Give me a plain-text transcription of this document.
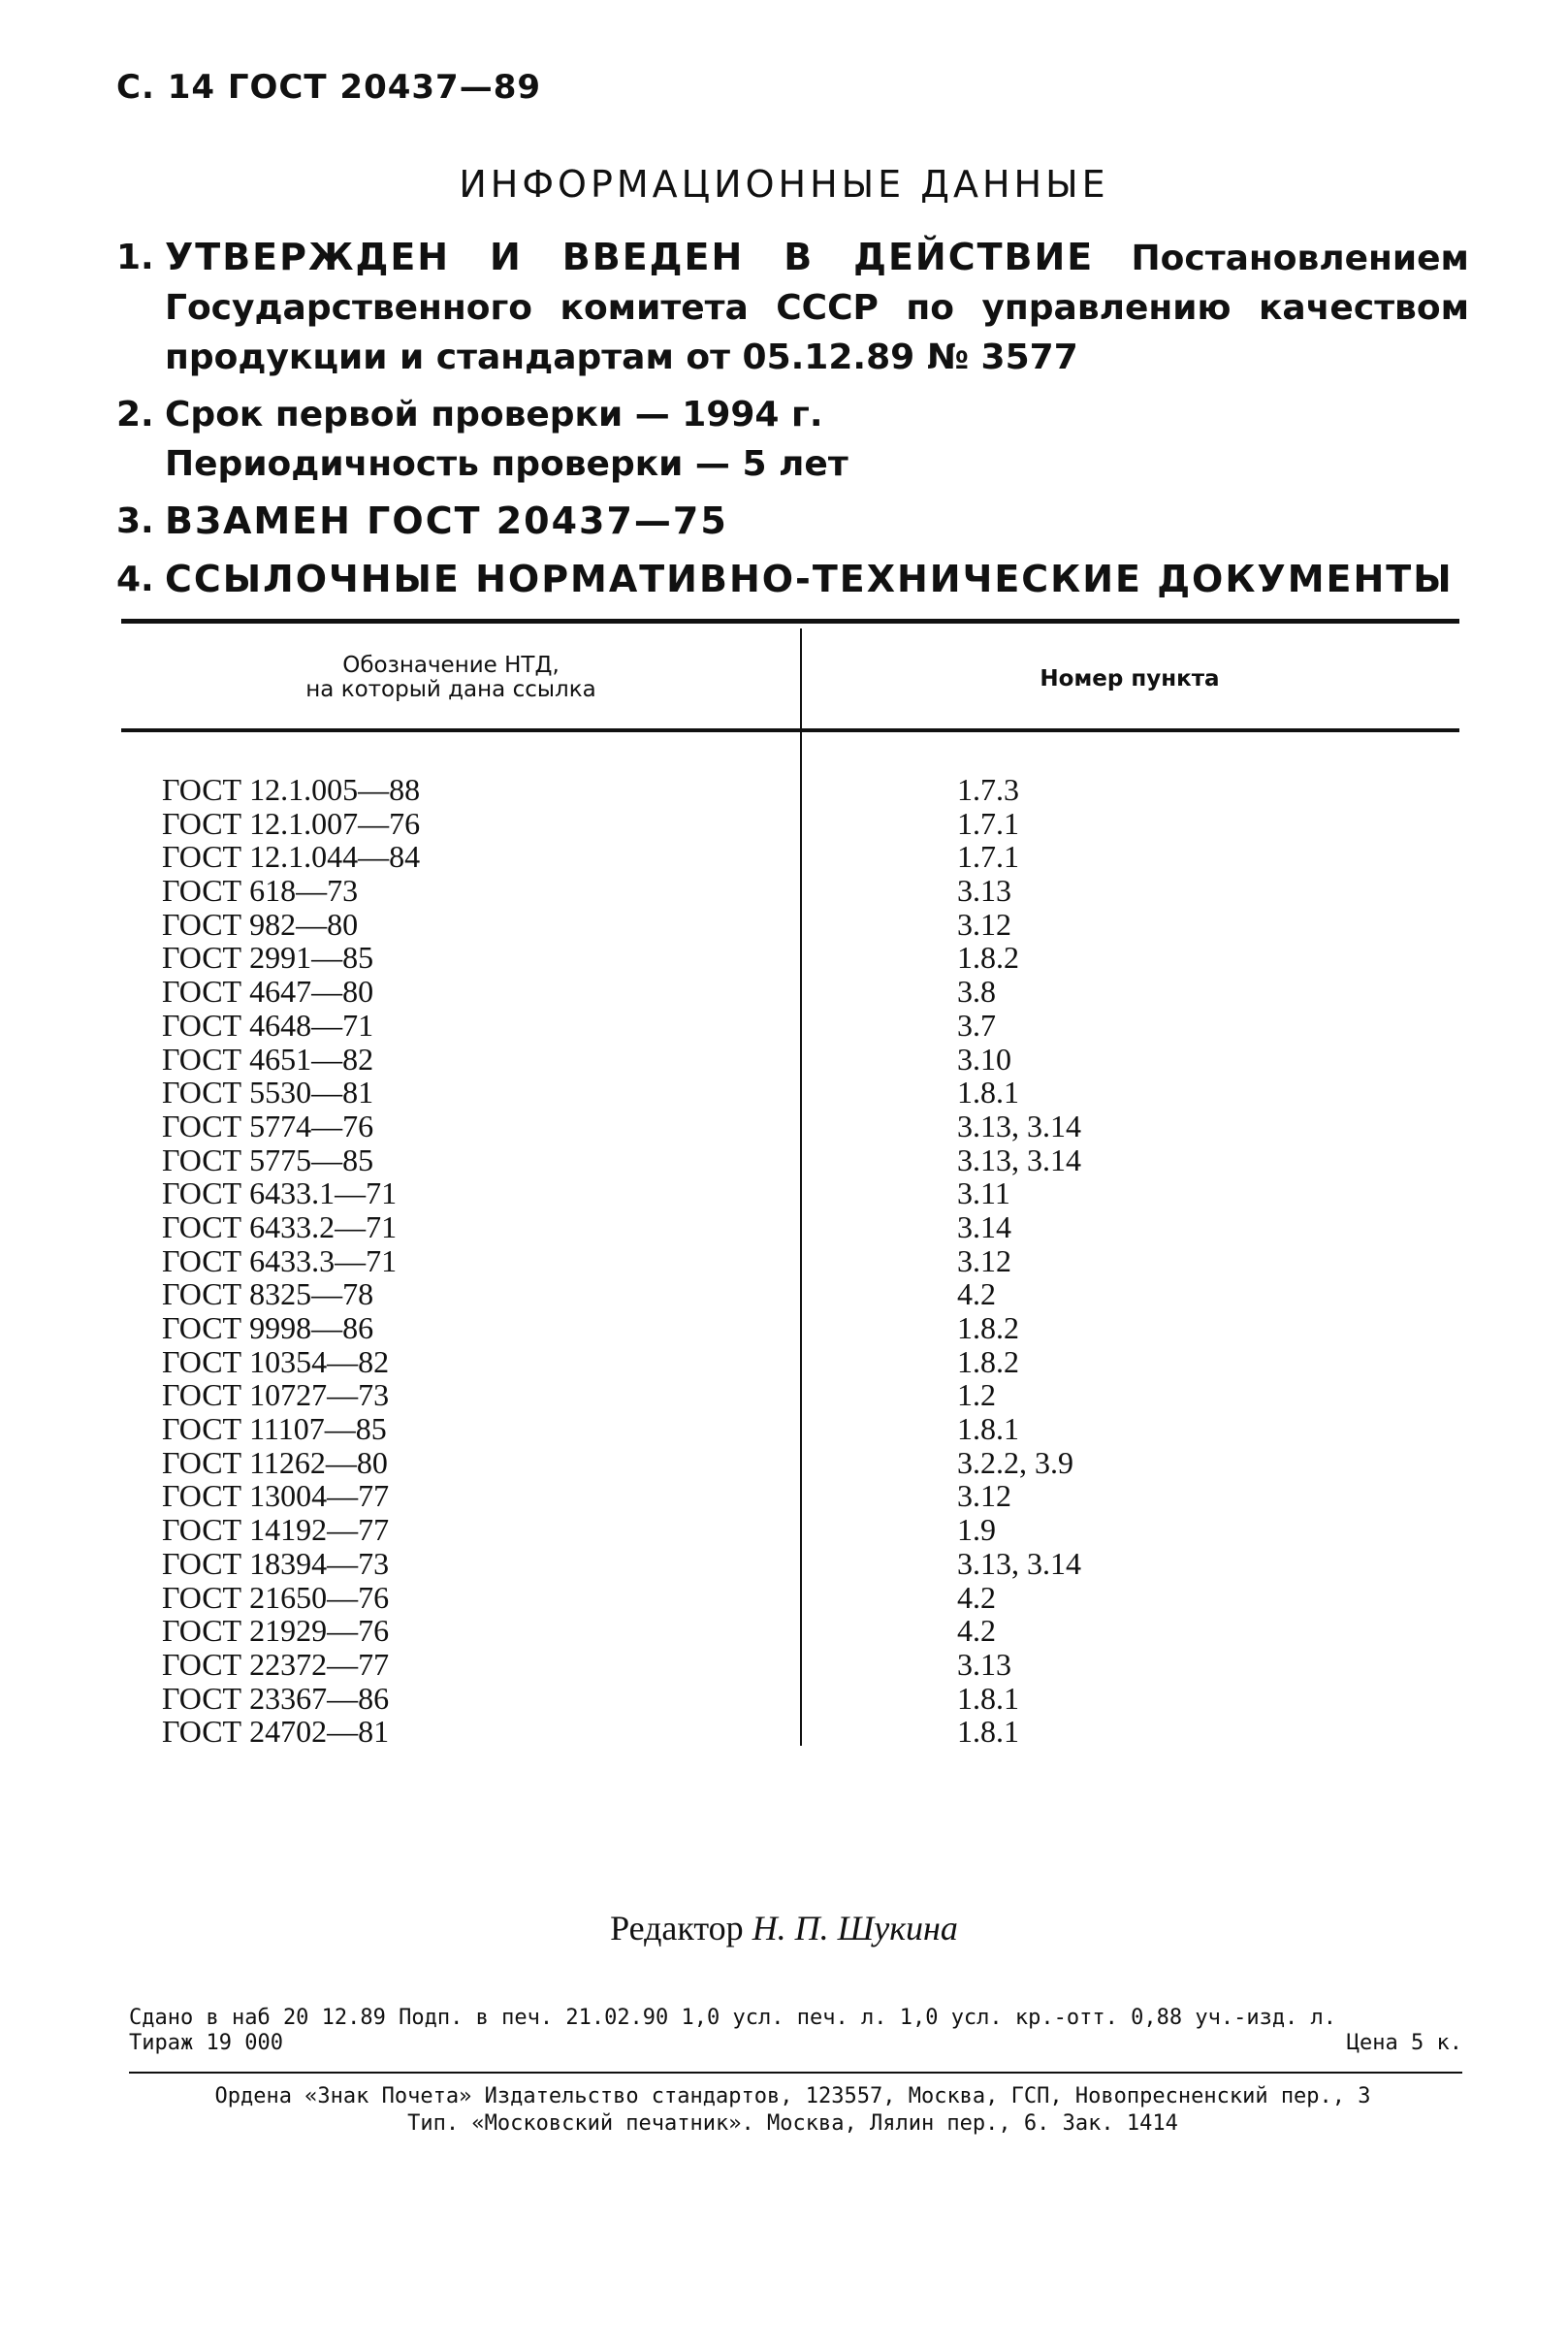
С. 14 ГОСТ 20437—89
ИНФОРМАЦИОННЫЕ ДАННЫЕ
1. УТВЕРЖДЕН И ВВЕДЕН В ДЕЙСТВИЕ Постановлением Государственного комитета СССР по управлению качеством продукции и стандартам от 05.12.89 № 3577
2. Срок первой проверки — 1994 г.
Периодичность проверки — 5 лет
3. ВЗАМЕН ГОСТ 20437—75
4. ССЫЛОЧНЫЕ НОРМАТИВНО-ТЕХНИЧЕСКИЕ ДОКУМЕНТЫ
Обозначение НТД,
на который дана ссылка	Номер пункта
ГОСТ 12.1.005—88	1.7.3
ГОСТ 12.1.007—76	1.7.1
ГОСТ 12.1.044—84	1.7.1
ГОСТ 618—73	3.13
ГОСТ 982—80	3.12
ГОСТ 2991—85	1.8.2
ГОСТ 4647—80	3.8
ГОСТ 4648—71	3.7
ГОСТ 4651—82	3.10
ГОСТ 5530—81	1.8.1
ГОСТ 5774—76	3.13, 3.14
ГОСТ 5775—85	3.13, 3.14
ГОСТ 6433.1—71	3.11
ГОСТ 6433.2—71	3.14
ГОСТ 6433.3—71	3.12
ГОСТ 8325—78	4.2
ГОСТ 9998—86	1.8.2
ГОСТ 10354—82	1.8.2
ГОСТ 10727—73	1.2
ГОСТ 11107—85	1.8.1
ГОСТ 11262—80	3.2.2, 3.9
ГОСТ 13004—77	3.12
ГОСТ 14192—77	1.9
ГОСТ 18394—73	3.13, 3.14
ГОСТ 21650—76	4.2
ГОСТ 21929—76	4.2
ГОСТ 22372—77	3.13
ГОСТ 23367—86	1.8.1
ГОСТ 24702—81	1.8.1
Редактор Н. П. Шукина
Сдано в наб 20 12.89 Подп. в печ. 21.02.90 1,0 усл. печ. л. 1,0 усл. кр.-отт. 0,88 уч.-изд. л.
Тираж 19 000	Цена 5 к.
Ордена «Знак Почета» Издательство стандартов, 123557, Москва, ГСП, Новопресненский пер., 3
Тип. «Московский печатник». Москва, Лялин пер., 6. Зак. 1414
